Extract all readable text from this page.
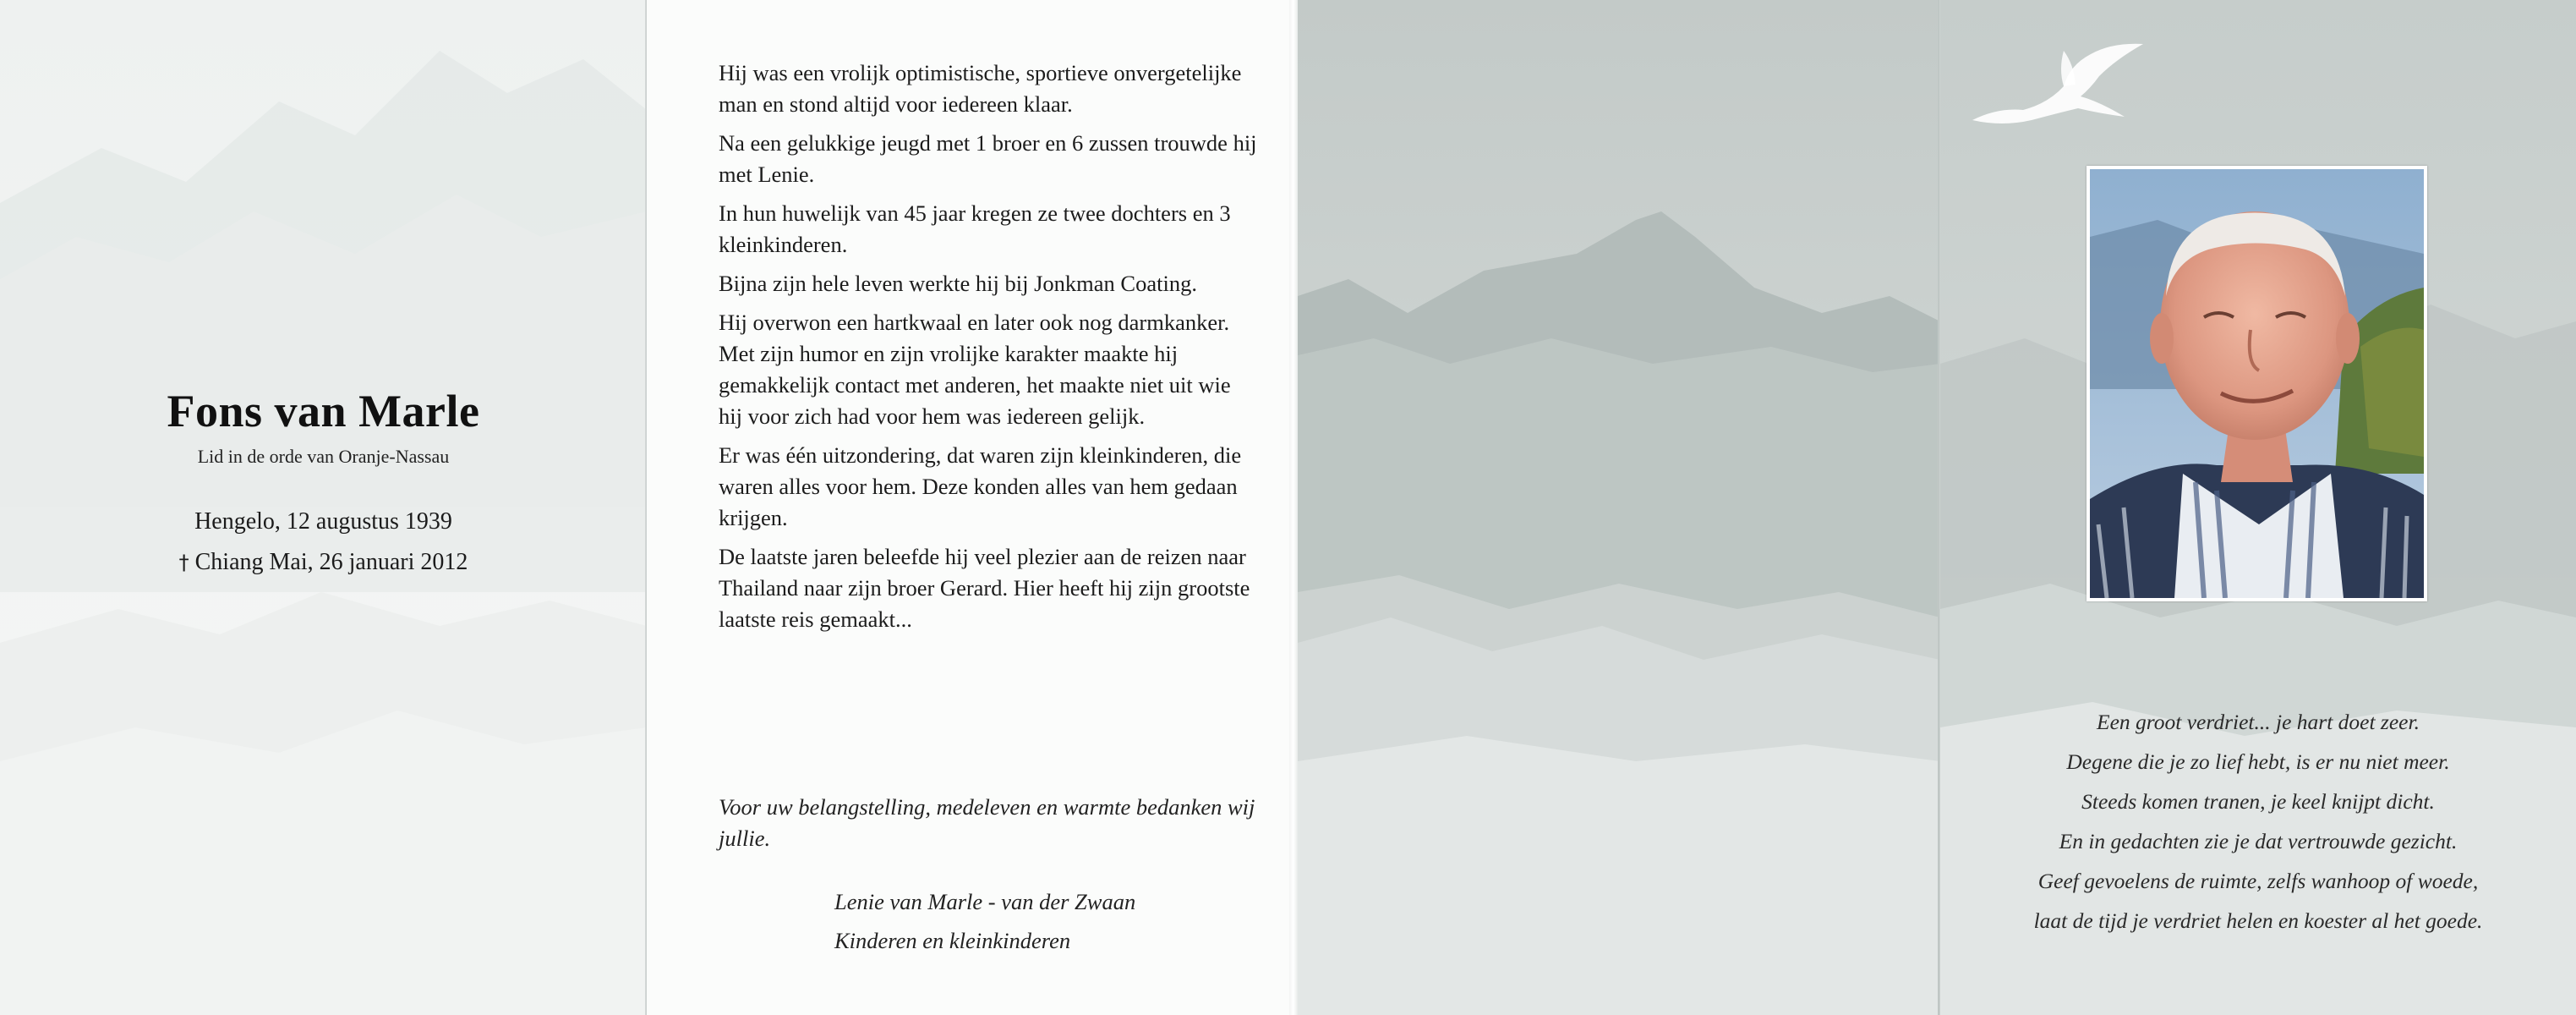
Fons van Marle
Lid in de orde van Oranje-Nassau
Hengelo, 12 augustus 1939
† Chiang Mai, 26 januari 2012

Hij was een vrolijk optimistische, sportieve onvergetelijke man en stond altijd voor iedereen klaar.

Na een gelukkige jeugd met 1 broer en 6 zussen trouwde hij met Lenie.

In hun huwelijk van 45 jaar kregen ze twee dochters en 3 kleinkinderen.

Bijna zijn hele leven werkte hij bij Jonkman Coating.

Hij overwon een hartkwaal en later ook nog darmkanker. Met zijn humor en zijn vrolijke karakter maakte hij gemakkelijk contact met anderen, het maakte niet uit wie hij voor zich had voor hem was iedereen gelijk.

Er was één uitzondering, dat waren zijn kleinkinderen, die waren alles voor hem. Deze konden alles van hem gedaan krijgen.

De laatste jaren beleefde hij veel plezier aan de reizen naar Thailand naar zijn broer Gerard. Hier heeft hij zijn grootste laatste reis gemaakt...

Voor uw belangstelling, medeleven en warmte bedanken wij jullie.
Lenie van Marle - van der Zwaan
Kinderen en kleinkinderen
Een groot verdriet... je hart doet zeer.
Degene die je zo lief hebt, is er nu niet meer.
Steeds komen tranen, je keel knijpt dicht.
En in gedachten zie je dat vertrouwde gezicht.
Geef gevoelens de ruimte, zelfs wanhoop of woede,
laat de tijd je verdriet helen en koester al het goede.
